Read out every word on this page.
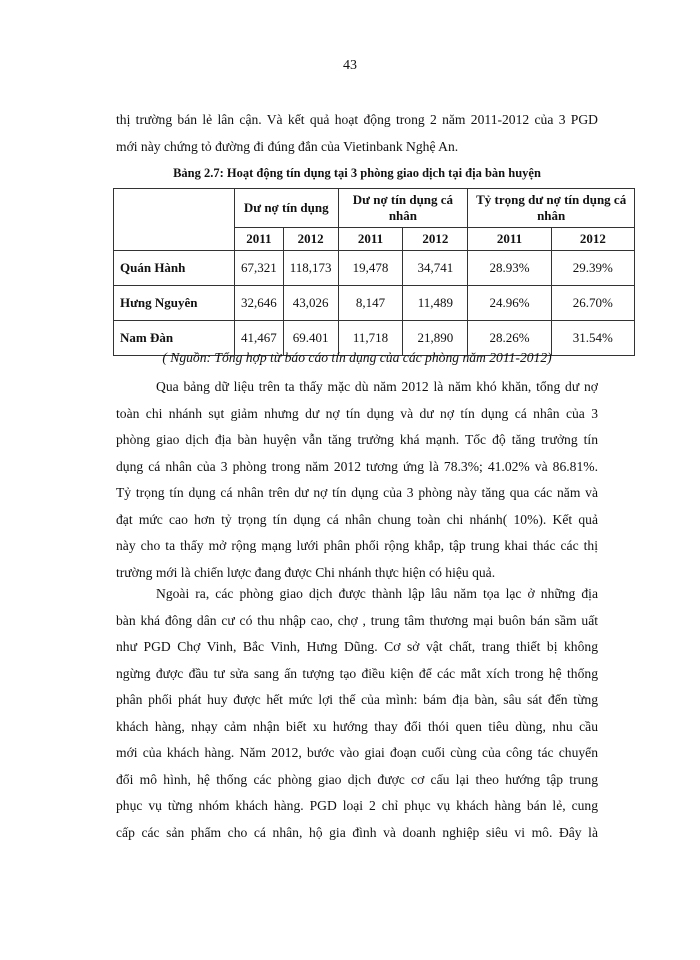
43
thị trường bán lẻ lân cận. Và kết quả hoạt động trong 2 năm 2011-2012 của 3 PGD
mới này chứng tỏ đường đi đúng đắn của Vietinbank Nghệ An.
Bảng 2.7: Hoạt động tín dụng tại 3 phòng giao dịch tại địa bàn huyện
	Dư nợ tín dụng		Dư nợ tín dụng cá nhân		Tỷ trọng dư nợ tín dụng cá nhân	
	2011	2012	2011	2012	2011	2012
Quán Hành	67,321	118,173	19,478	34,741	28.93%	29.39%
Hưng Nguyên	32,646	43,026	8,147	11,489	24.96%	26.70%
Nam Đàn	41,467	69.401	11,718	21,890	28.26%	31.54%
( Nguồn: Tổng hợp từ báo cáo tín dụng của các phòng năm 2011-2012)
Qua bảng dữ liệu trên ta thấy mặc dù năm 2012 là năm khó khăn, tổng dư nợ
toàn chi nhánh sụt giảm nhưng dư nợ tín dụng và dư nợ tín dụng cá nhân của 3
phòng giao dịch địa bàn huyện vẫn tăng trưởng khá mạnh. Tốc độ tăng trưởng tín
dụng cá nhân của 3 phòng trong năm 2012 tương ứng là 78.3%; 41.02% và 86.81%.
Tỷ trọng tín dụng cá nhân trên dư nợ tín dụng của 3 phòng này tăng qua các năm và
đạt mức cao hơn tỷ trọng tín dụng cá nhân chung toàn chi nhánh( 10%). Kết quả
này cho ta thấy mở rộng mạng lưới phân phối rộng khắp, tập trung khai thác các thị
trường mới là chiến lược đang được Chi nhánh thực hiện có hiệu quả.
Ngoài ra, các phòng giao dịch được thành lập lâu năm tọa lạc ở những địa
bàn khá đông dân cư có thu nhập cao, chợ , trung tâm thương mại buôn bán sầm uất
như PGD Chợ Vinh, Bắc Vinh, Hưng Dũng. Cơ sở vật chất, trang thiết bị không
ngừng được đầu tư sửa sang ấn tượng tạo điều kiện để các mắt xích trong hệ thống
phân phối phát huy được hết mức lợi thế của mình: bám địa bàn, sâu sát đến từng
khách hàng, nhạy cảm nhận biết xu hướng thay đổi thói quen tiêu dùng, nhu cầu
mới của khách hàng. Năm 2012, bước vào giai đoạn cuối cùng của công tác chuyển
đổi mô hình, hệ thống các phòng giao dịch được cơ cấu lại theo hướng tập trung
phục vụ từng nhóm khách hàng. PGD loại 2 chỉ phục vụ khách hàng bán lẻ, cung
cấp các sản phẩm cho cá nhân, hộ gia đình và doanh nghiệp siêu vi mô. Đây là
